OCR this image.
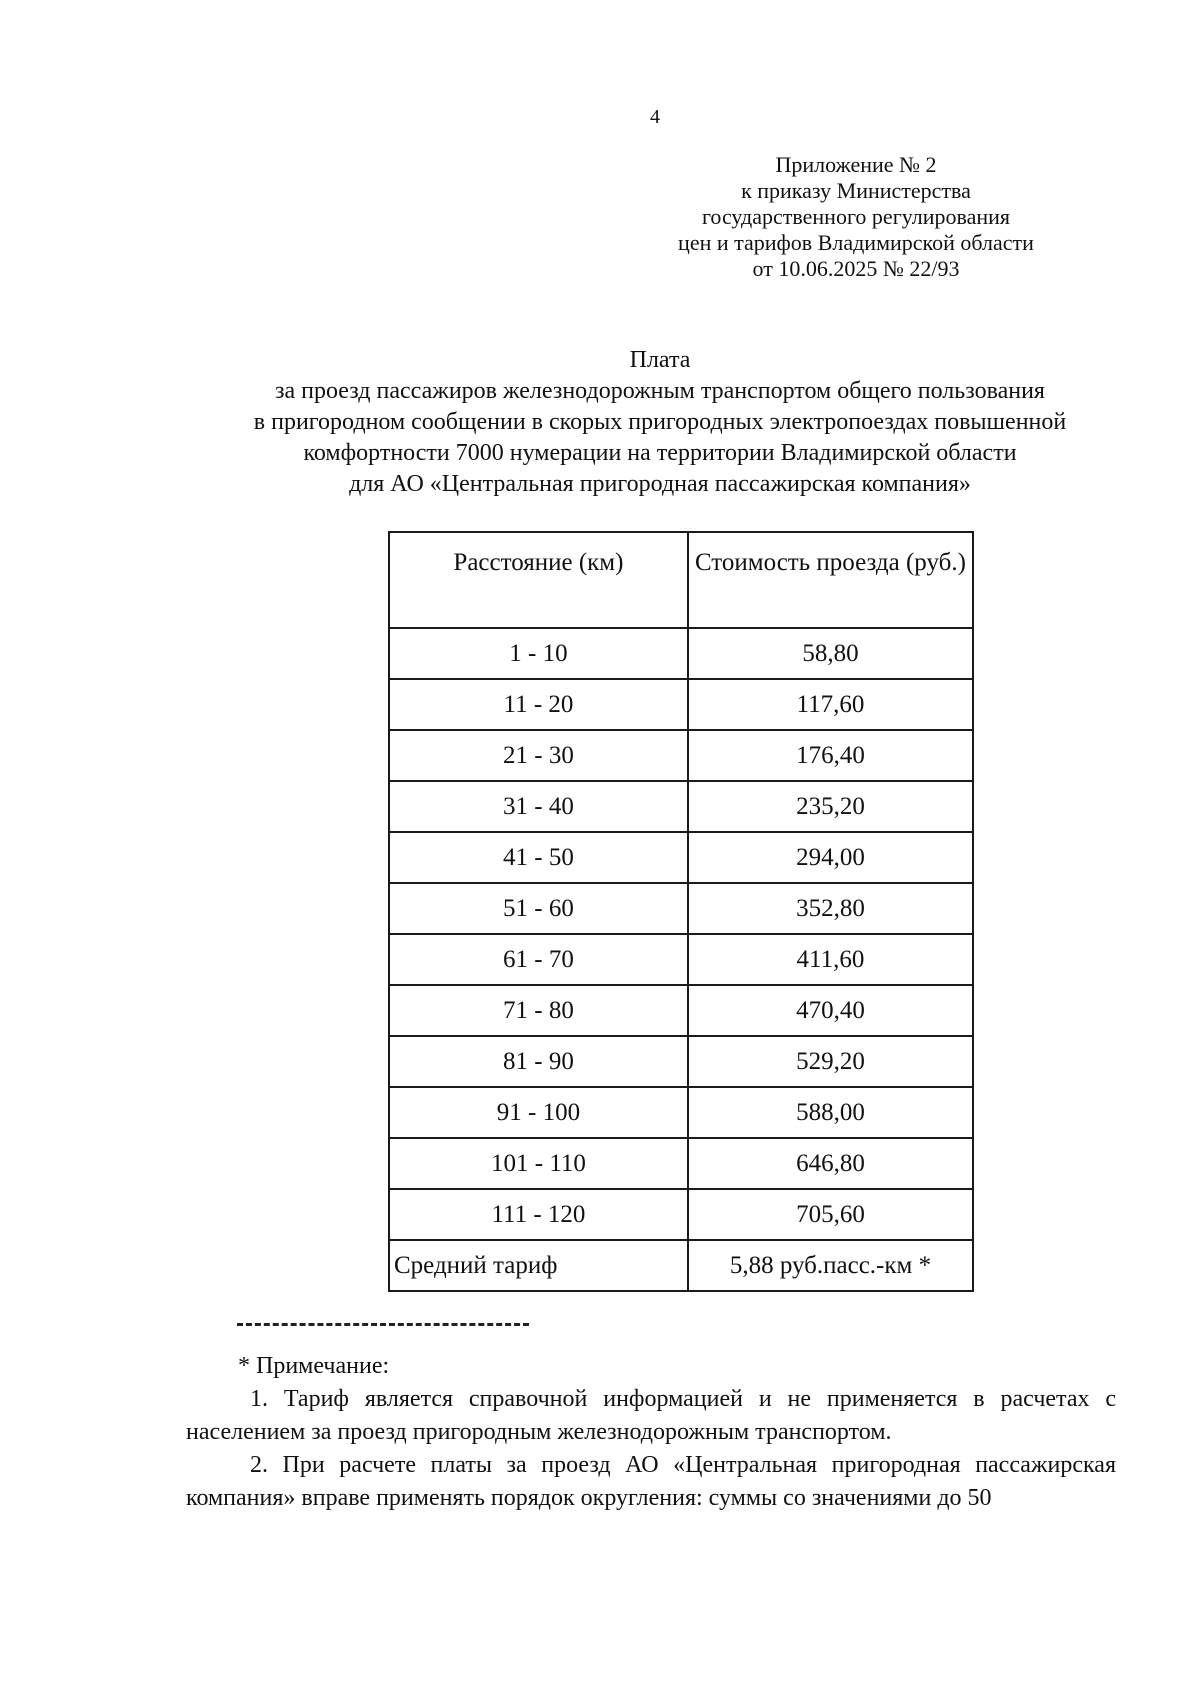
4
Приложение № 2
к приказу Министерства
государственного регулирования
цен и тарифов Владимирской области
от 10.06.2025 № 22/93
Плата
за проезд пассажиров железнодорожным транспортом общего пользования
в пригородном сообщении в скорых пригородных электропоездах повышенной
комфортности 7000 нумерации на территории Владимирской области
для АО «Центральная пригородная пассажирская компания»
Расстояние (км)	Стоимость проезда (руб.)
1 - 10	58,80
11 - 20	117,60
21 - 30	176,40
31 - 40	235,20
41 - 50	294,00
51 - 60	352,80
61 - 70	411,60
71 - 80	470,40
81 - 90	529,20
91 - 100	588,00
101 - 110	646,80
111 - 120	705,60
Средний тариф	5,88 руб.пасс.-км *
* Примечание:

1. Тариф является справочной информацией и не применяется в расчетах с населением за проезд пригородным железнодорожным транспортом.

2. При расчете платы за проезд АО «Центральная пригородная пассажирская компания» вправе применять порядок округления: суммы со значениями до 50
